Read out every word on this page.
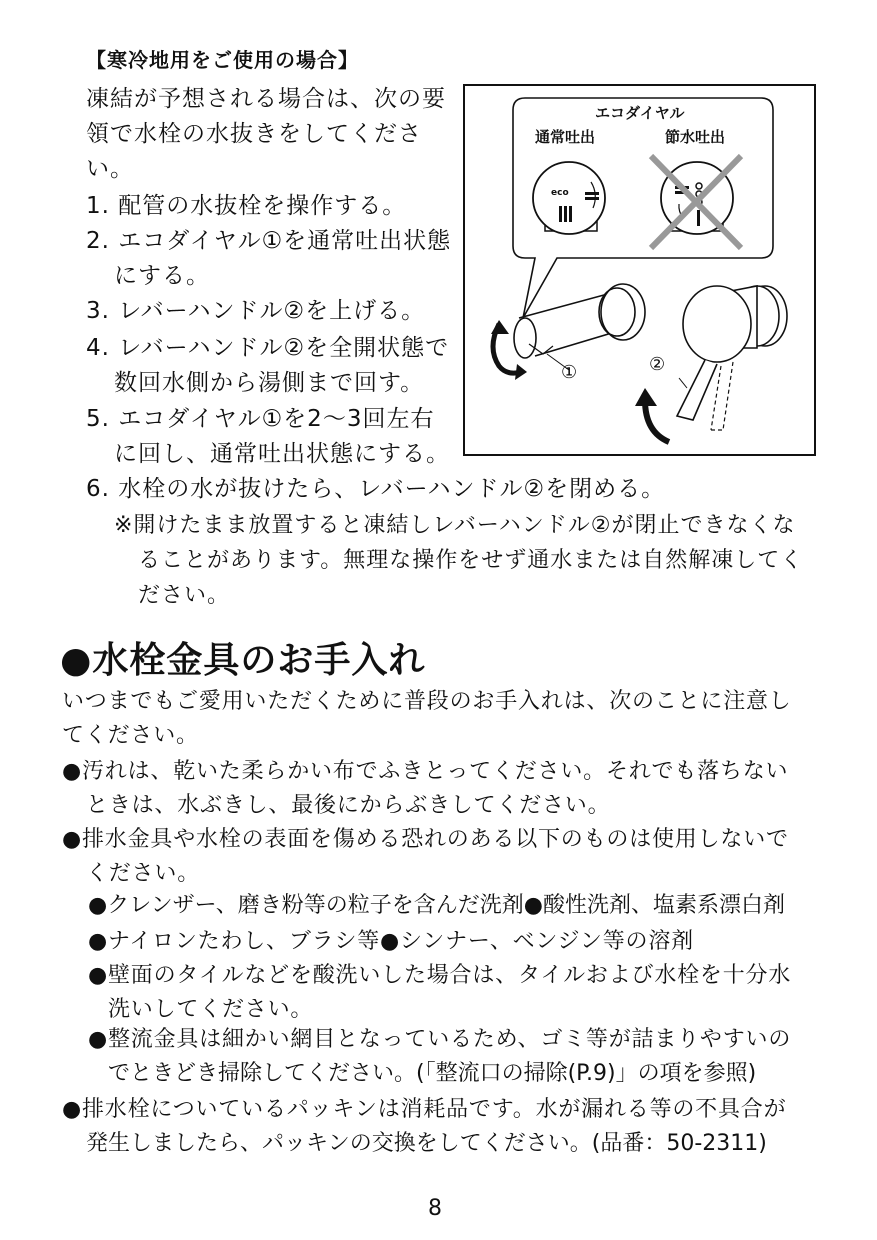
【寒冷地用をご使用の場合】
凍結が予想される場合は、次の要
領で水栓の水抜きをしてくださ
い。
1. 配管の水抜栓を操作する。
2. エコダイヤル①を通常吐出状態
にする。
3. レバーハンドル②を上げる。
4. レバーハンドル②を全開状態で
数回水側から湯側まで回す。
5. エコダイヤル①を2～3回左右
に回し、通常吐出状態にする。
6. 水栓の水が抜けたら、レバーハンドル②を閉める。
※開けたまま放置すると凍結しレバーハンドル②が閉止できなくな
ることがあります。無理な操作をせず通水または自然解凍してく
ださい。
エコダイヤル
通常吐出	節水吐出
eco
①	②
●水栓金具のお手入れ
いつまでもご愛用いただくために普段のお手入れは、次のことに注意し
てください。
●汚れは、乾いた柔らかい布でふきとってください。それでも落ちない
ときは、水ぶきし、最後にからぶきしてください。
●排水金具や水栓の表面を傷める恐れのある以下のものは使用しないで
ください。
●クレンザー、磨き粉等の粒子を含んだ洗剤●酸性洗剤、塩素系漂白剤
●ナイロンたわし、ブラシ等●シンナー、ベンジン等の溶剤
●壁面のタイルなどを酸洗いした場合は、タイルおよび水栓を十分水
洗いしてください。
●整流金具は細かい網目となっているため、ゴミ等が詰まりやすいの
でときどき掃除してください。(「整流口の掃除(P.9)」の項を参照)
●排水栓についているパッキンは消耗品です。水が漏れる等の不具合が
発生しましたら、パッキンの交換をしてください。(品番：50-2311)
8
